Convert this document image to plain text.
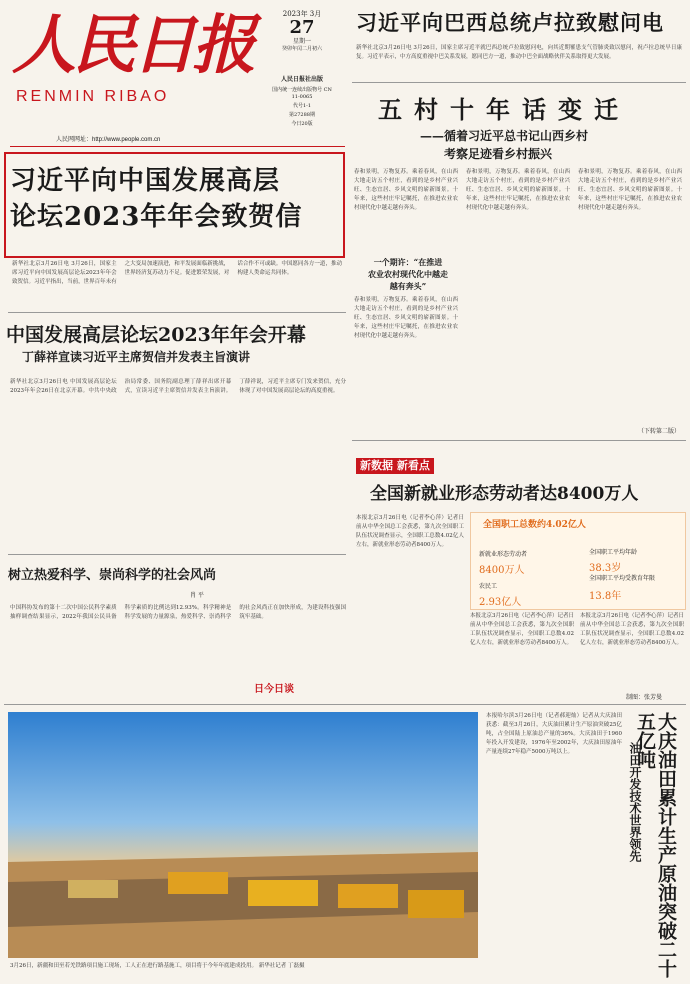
人民日报
RENMIN RIBAO
2023年 3月
27
星期一
癸卯年闰二月初六
人民日报社出版
国内统一连续出版物号 CN 11-0065
代号1-1
第27288期
今日20版
人民网网址：http://www.people.com.cn
习近平向巴西总统卢拉致慰问电
新华社北京3月26日电 3月26日，国家主席习近平就巴西总统卢拉致慰问电，向其近期罹患支气管肺炎致以慰问，祝卢拉总统早日康复。习近平表示，中方高度重视中巴关系发展，愿同巴方一道，推动中巴全面战略伙伴关系取得更大发展。
习近平向中国发展高层
论坛2023年年会致贺信
新华社北京3月26日电 3月26日，国家主席习近平向中国发展高层论坛2023年年会致贺信。习近平指出，当前，世界百年未有之大变局加速演进，和平发展面临新挑战，世界经济复苏动力不足。促进繁荣发展，对话合作不可或缺。中国愿同各方一道，推动构建人类命运共同体。
中国发展高层论坛2023年年会开幕
丁薛祥宣读习近平主席贺信并发表主旨演讲
新华社北京3月26日电 中国发展高层论坛2023年年会26日在北京开幕。中共中央政治局常委、国务院副总理丁薛祥出席开幕式，宣读习近平主席贺信并发表主旨演讲。丁薛祥说，习近平主席专门发来贺信，充分体现了对中国发展高层论坛的高度重视。
树立热爱科学、崇尚科学的社会风尚
肖 平
中国科协发布的第十二次中国公民科学素质抽样调查结果显示，2022年我国公民具备科学素质的比例达到12.93%。科学精神是科学发展的力量源泉，热爱科学、崇尚科学的社会风尚正在加快形成，为建设科技强国筑牢基础。
日今日谈
五村十年话变迁
——循着习近平总书记山西乡村
考察足迹看乡村振兴
春和景明，万物复苏。乘着春风，在山西大地走访五个村庄，看到的是乡村产业兴旺、生态宜居、乡风文明的崭新图景。十年来，这些村庄牢记嘱托，在推进农业农村现代化中越走越有奔头。
一个期许：“在推进
农业农村现代化中越走
越有奔头”
春和景明，万物复苏。乘着春风，在山西大地走访五个村庄，看到的是乡村产业兴旺、生态宜居、乡风文明的崭新图景。十年来，这些村庄牢记嘱托，在推进农业农村现代化中越走越有奔头。
春和景明，万物复苏。乘着春风，在山西大地走访五个村庄，看到的是乡村产业兴旺、生态宜居、乡风文明的崭新图景。十年来，这些村庄牢记嘱托，在推进农业农村现代化中越走越有奔头。
春和景明，万物复苏。乘着春风，在山西大地走访五个村庄，看到的是乡村产业兴旺、生态宜居、乡风文明的崭新图景。十年来，这些村庄牢记嘱托，在推进农业农村现代化中越走越有奔头。
（下转第二版）
新数据 新看点
全国新就业形态劳动者达8400万人
本报北京3月26日电（记者李心萍）记者日前从中华全国总工会获悉，第九次全国职工队伍状况调查显示，全国职工总数4.02亿人左右，新就业形态劳动者8400万人。
全国职工总数约4.02亿人
新就业形态劳动者
8400万人
农民工
2.93亿人
全国职工平均年龄
38.3岁
全国职工平均受教育年限
13.8年
本报北京3月26日电（记者李心萍）记者日前从中华全国总工会获悉，第九次全国职工队伍状况调查显示，全国职工总数4.02亿人左右，新就业形态劳动者8400万人。
本报北京3月26日电（记者李心萍）记者日前从中华全国总工会获悉，第九次全国职工队伍状况调查显示，全国职工总数4.02亿人左右，新就业形态劳动者8400万人。
制图：张芳曼
3月26日，新疆和田至若羌铁路项目施工现场，工人正在进行路基施工，项目将于今年年底建成投用。 新华社记者 丁磊摄
本报哈尔滨3月26日电（记者郝迎灿）记者从大庆油田获悉：截至3月26日，大庆油田累计生产原油突破25亿吨，占全国陆上原油总产量的36%。大庆油田于1960年投入开发建设，1976年至2002年，大庆油田原油年产量连续27年稳产5000万吨以上。	大庆油田累计生产原油突破二十五亿吨
油田开发技术世界领先
